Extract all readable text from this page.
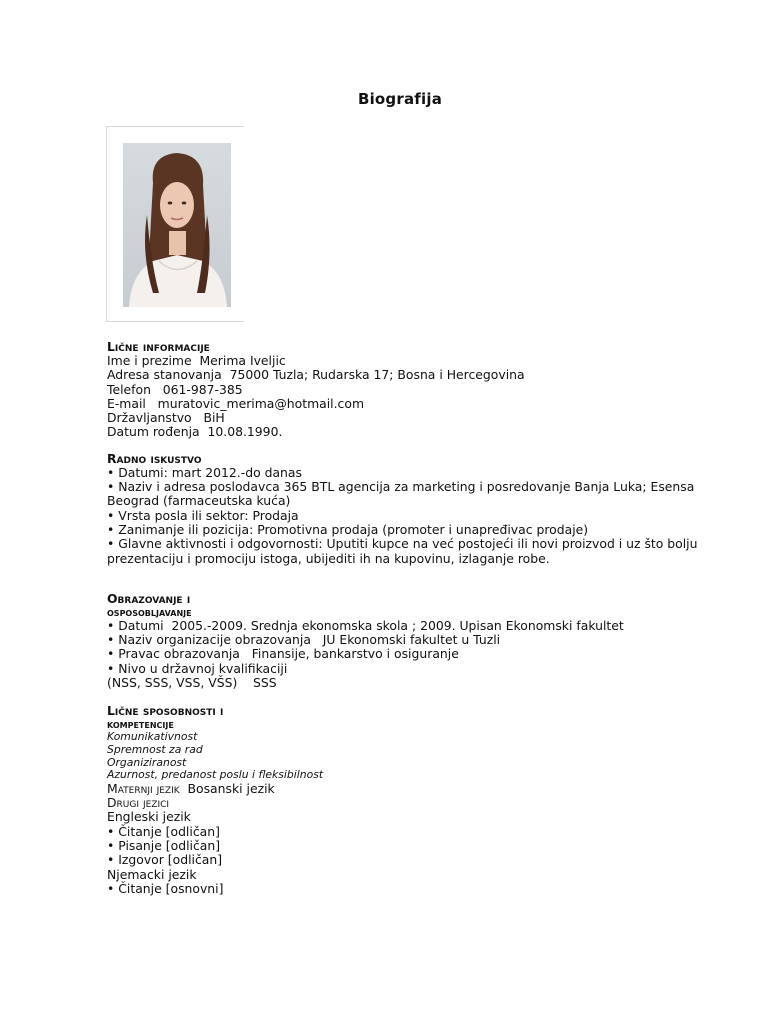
Biografija
Lične informacije
Ime i prezime  Merima Iveljic
Adresa stanovanja  75000 Tuzla; Rudarska 17; Bosna i Hercegovina
Telefon   061-987-385
E-mail   muratovic_merima@hotmail.com
Državljanstvo   BiH
Datum rođenja  10.08.1990.
Radno iskustvo
• Datumi: mart 2012.-do danas
• Naziv i adresa poslodavca 365 BTL agencija za marketing i posredovanje Banja Luka; Esensa Beograd (farmaceutska kuća)
• Vrsta posla ili sektor: Prodaja
• Zanimanje ili pozicija: Promotivna prodaja (promoter i unapređivac prodaje)
• Glavne aktivnosti i odgovornosti: Uputiti kupce na već postojeći ili novi proizvod i uz što bolju prezentaciju i promociju istoga, ubijediti ih na kupovinu, izlaganje robe.
Obrazovanje i
osposobljavanje
• Datumi  2005.-2009. Srednja ekonomska skola ; 2009. Upisan Ekonomski fakultet
• Naziv organizacije obrazovanja   JU Ekonomski fakultet u Tuzli
• Pravac obrazovanja   Finansije, bankarstvo i osiguranje
• Nivo u državnoj kvalifikaciji
(NSS, SSS, VSS, VŠS)    SSS
Lične sposobnosti i
kompetencije
Komunikativnost
Spremnost za rad
Organiziranost
Azurnost, predanost poslu i fleksibilnost
Maternji jezik  Bosanski jezik
Drugi jezici
Engleski jezik
• Čitanje [odličan]
• Pisanje [odličan]
• Izgovor [odličan]
Njemacki jezik
• Čitanje [osnovni]
